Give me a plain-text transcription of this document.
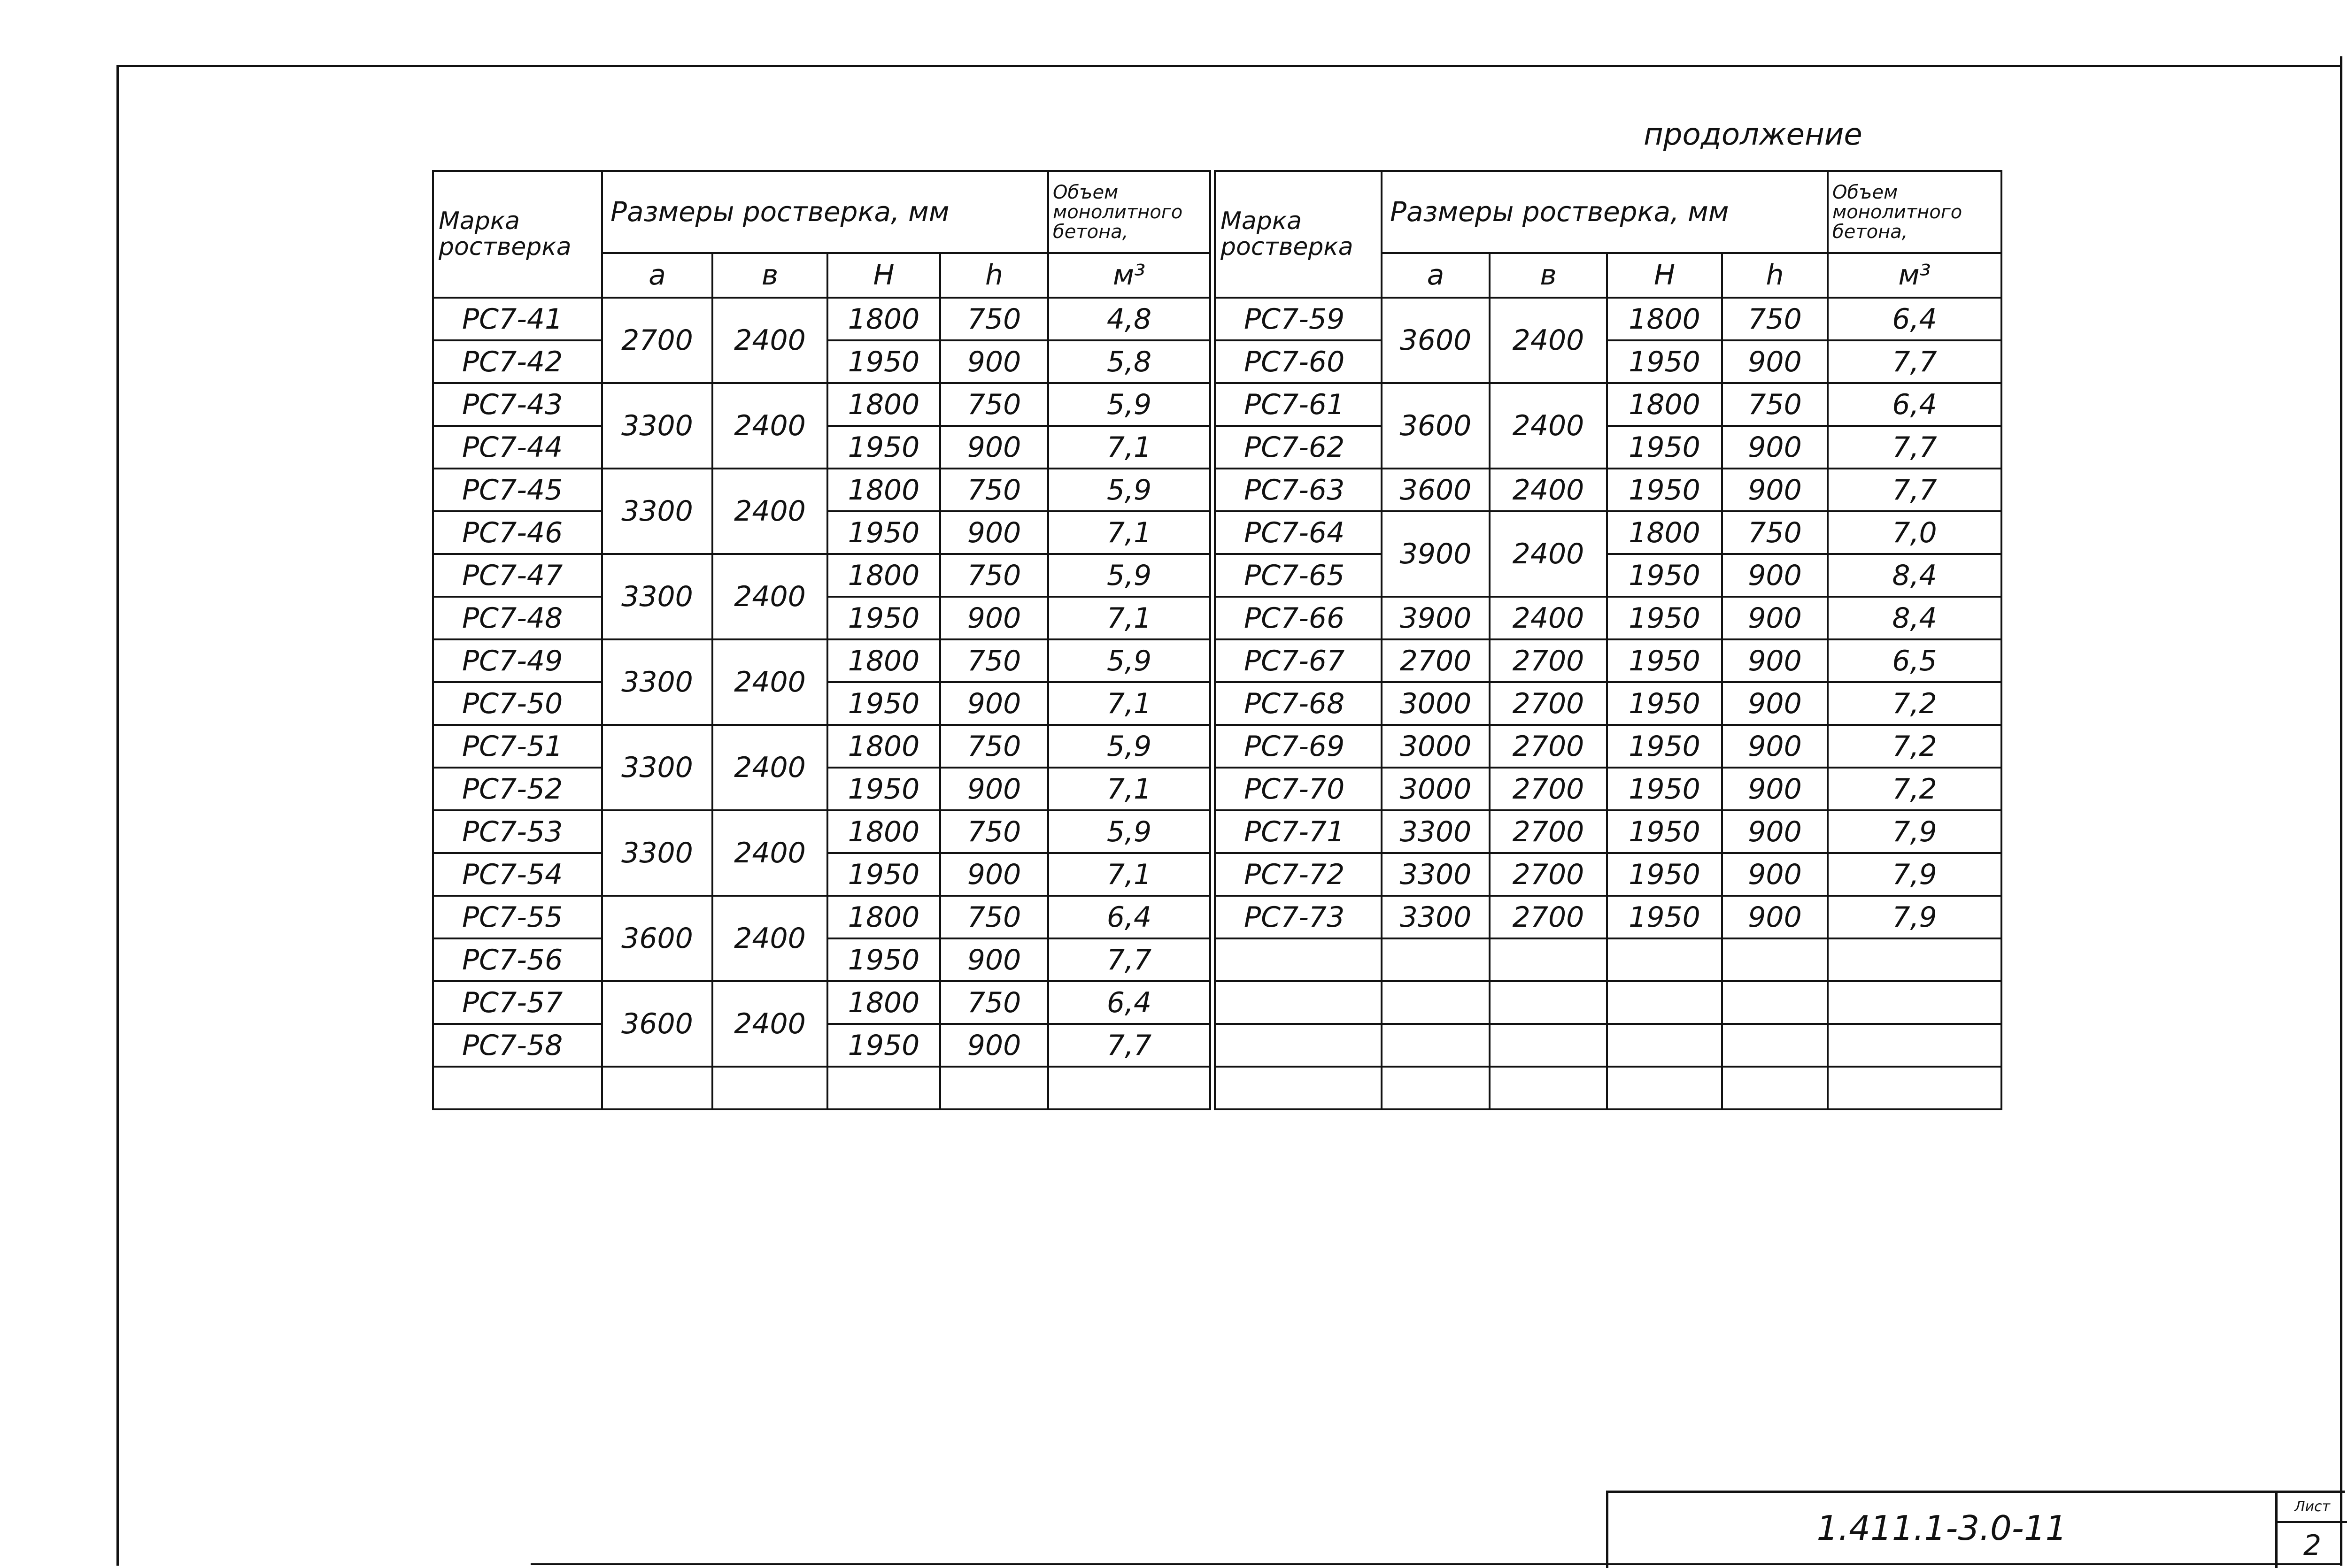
продолжение
Марка ростверка	Размеры ростверка, мм				Объем монолитного бетона,
	a	в	Н	h	м³
РС7-41	2700	2400	1800	750	4,8
РС7-42			1950	900	5,8
РС7-43	3300	2400	1800	750	5,9
РС7-44			1950	900	7,1
РС7-45	3300	2400	1800	750	5,9
РС7-46			1950	900	7,1
РС7-47	3300	2400	1800	750	5,9
РС7-48			1950	900	7,1
РС7-49	3300	2400	1800	750	5,9
РС7-50			1950	900	7,1
РС7-51	3300	2400	1800	750	5,9
РС7-52			1950	900	7,1
РС7-53	3300	2400	1800	750	5,9
РС7-54			1950	900	7,1
РС7-55	3600	2400	1800	750	6,4
РС7-56			1950	900	7,7
РС7-57	3600	2400	1800	750	6,4
РС7-58			1950	900	7,7

Марка ростверка	Размеры ростверка, мм				Объем монолитного бетона,
	a	в	Н	h	м³
РС7-59	3600	2400	1800	750	6,4
РС7-60			1950	900	7,7
РС7-61	3600	2400	1800	750	6,4
РС7-62			1950	900	7,7
РС7-63	3600	2400	1950	900	7,7
РС7-64	3900	2400	1800	750	7,0
РС7-65			1950	900	8,4
РС7-66	3900	2400	1950	900	8,4
РС7-67	2700	2700	1950	900	6,5
РС7-68	3000	2700	1950	900	7,2
РС7-69	3000	2700	1950	900	7,2
РС7-70	3000	2700	1950	900	7,2
РС7-71	3300	2700	1950	900	7,9
РС7-72	3300	2700	1950	900	7,9
РС7-73	3300	2700	1950	900	7,9

1.411.1-3.0-11
Лист
2
